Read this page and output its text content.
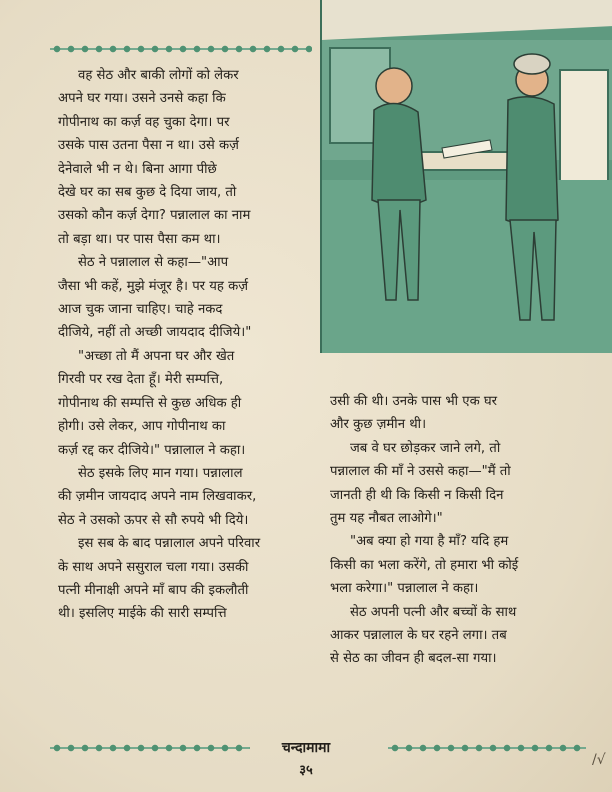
वह सेठ और बाकी लोगों को लेकर
अपने घर गया। उसने उनसे कहा कि
गोपीनाथ का कर्ज़ वह चुका देगा। पर
उसके पास उतना पैसा न था। उसे कर्ज़
देनेवाले भी न थे। बिना आगा पीछे
देखे घर का सब कुछ दे दिया जाय, तो
उसको कौन कर्ज़ देगा? पन्नालाल का नाम
तो बड़ा था। पर पास पैसा कम था।

सेठ ने पन्नालाल से कहा—"आप
जैसा भी कहें, मुझे मंजूर है। पर यह कर्ज़
आज चुक जाना चाहिए। चाहे नकद
दीजिये, नहीं तो अच्छी जायदाद दीजिये।"

"अच्छा तो मैं अपना घर और खेत
गिरवी पर रख देता हूँ। मेरी सम्पत्ति,
गोपीनाथ की सम्पत्ति से कुछ अधिक ही
होगी। उसे लेकर, आप गोपीनाथ का
कर्ज़ रद्द कर दीजिये।" पन्नालाल ने कहा।

सेठ इसके लिए मान गया। पन्नालाल
की ज़मीन जायदाद अपने नाम लिखवाकर,
सेठ ने उसको ऊपर से सौ रुपये भी दिये।

इस सब के बाद पन्नालाल अपने परिवार
के साथ अपने ससुराल चला गया। उसकी
पत्नी मीनाक्षी अपने माँ बाप की इकलौती
थी। इसलिए माईके की सारी सम्पत्ति

उसी की थी। उनके पास भी एक घर
और कुछ ज़मीन थी।

जब वे घर छोड़कर जाने लगे, तो
पन्नालाल की माँ ने उससे कहा—"मैं तो
जानती ही थी कि किसी न किसी दिन
तुम यह नौबत लाओगे।"

"अब क्या हो गया है माँ? यदि हम
किसी का भला करेंगे, तो हमारा भी कोई
भला करेगा।" पन्नालाल ने कहा।

सेठ अपनी पत्नी और बच्चों के साथ
आकर पन्नालाल के घर रहने लगा। तब
से सेठ का जीवन ही बदल-सा गया।

चन्दामामा
३५
/√
